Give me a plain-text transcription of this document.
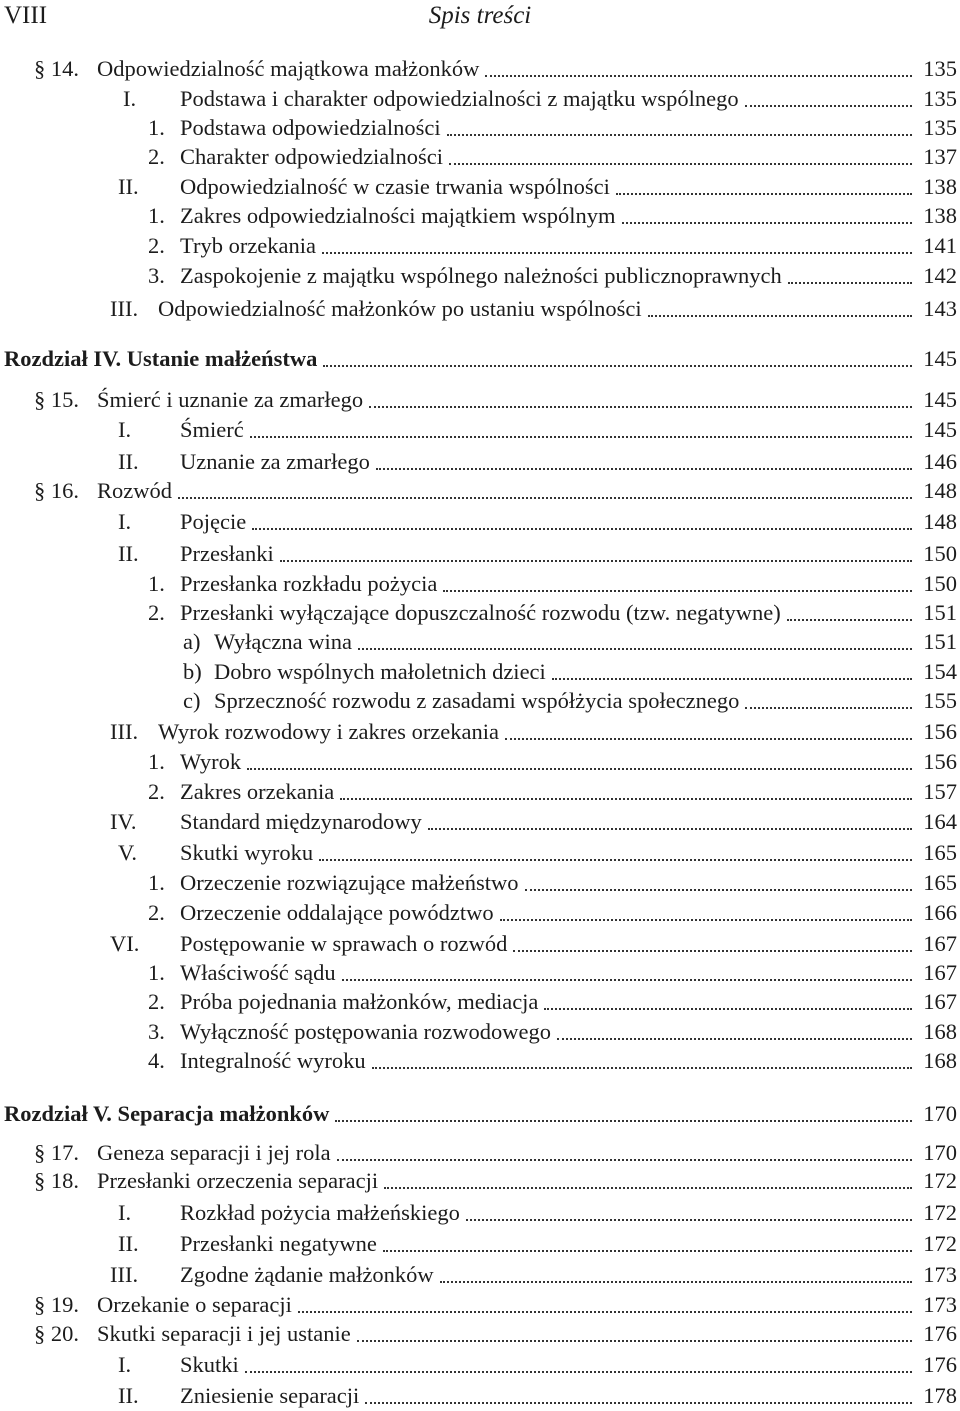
VIII	Spis treści
§ 14. Odpowiedzialność majątkowa małżonków	135
I. Podstawa i charakter odpowiedzialności z majątku wspólnego	135
1. Podstawa odpowiedzialności	135
2. Charakter odpowiedzialności	137
II. Odpowiedzialność w czasie trwania wspólności	138
1. Zakres odpowiedzialności majątkiem wspólnym	138
2. Tryb orzekania	141
3. Zaspokojenie z majątku wspólnego należności publicznoprawnych	142
III. Odpowiedzialność małżonków po ustaniu wspólności	143
Rozdział IV. Ustanie małżeństwa	145
§ 15. Śmierć i uznanie za zmarłego	145
I. Śmierć	145
II. Uznanie za zmarłego	146
§ 16. Rozwód	148
I. Pojęcie	148
II. Przesłanki	150
1. Przesłanka rozkładu pożycia	150
2. Przesłanki wyłączające dopuszczalność rozwodu (tzw. negatywne)	151
a) Wyłączna wina	151
b) Dobro wspólnych małoletnich dzieci	154
c) Sprzeczność rozwodu z zasadami współżycia społecznego	155
III. Wyrok rozwodowy i zakres orzekania	156
1. Wyrok	156
2. Zakres orzekania	157
IV. Standard międzynarodowy	164
V. Skutki wyroku	165
1. Orzeczenie rozwiązujące małżeństwo	165
2. Orzeczenie oddalające powództwo	166
VI. Postępowanie w sprawach o rozwód	167
1. Właściwość sądu	167
2. Próba pojednania małżonków, mediacja	167
3. Wyłączność postępowania rozwodowego	168
4. Integralność wyroku	168
Rozdział V. Separacja małżonków	170
§ 17. Geneza separacji i jej rola	170
§ 18. Przesłanki orzeczenia separacji	172
I. Rozkład pożycia małżeńskiego	172
II. Przesłanki negatywne	172
III. Zgodne żądanie małżonków	173
§ 19. Orzekanie o separacji	173
§ 20. Skutki separacji i jej ustanie	176
I. Skutki	176
II. Zniesienie separacji	178
